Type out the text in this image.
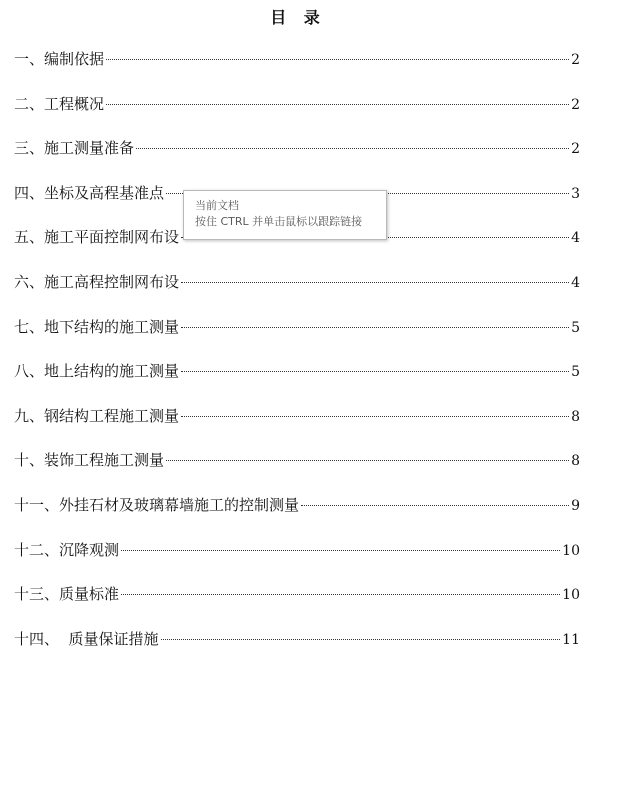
目 录
一、编制依据	2
二、工程概况	2
三、施工测量准备	2
四、坐标及高程基准点	3
五、施工平面控制网布设	4
六、施工高程控制网布设	4
七、地下结构的施工测量	5
八、地上结构的施工测量	5
九、钢结构工程施工测量	8
十、装饰工程施工测量	8
十一、外挂石材及玻璃幕墙施工的控制测量	9
十二、沉降观测	10
十三、质量标准	10
十四、  质量保证措施	11
当前文档
按住 CTRL 并单击鼠标以跟踪链接
